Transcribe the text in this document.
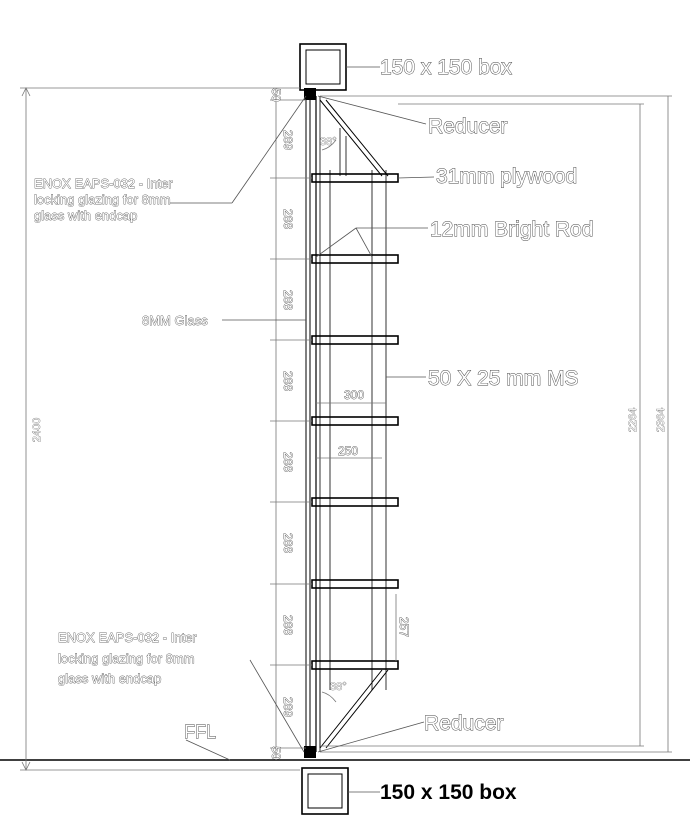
2400	2264 2364
50
50
289
288
288
288
288
288
288
289
300
250
257
38°
38°
150 x 150 box
Reducer
31mm plywood
12mm Bright Rod
50 X 25 mm MS
Reducer
150 x 150 box
8MM Glass
FFL
ENOX EAPS-032 - Inter
locking glazing for 8mm
glass with endcap
ENOX EAPS-032 - Inter
locking glazing for 8mm
glass with endcap
